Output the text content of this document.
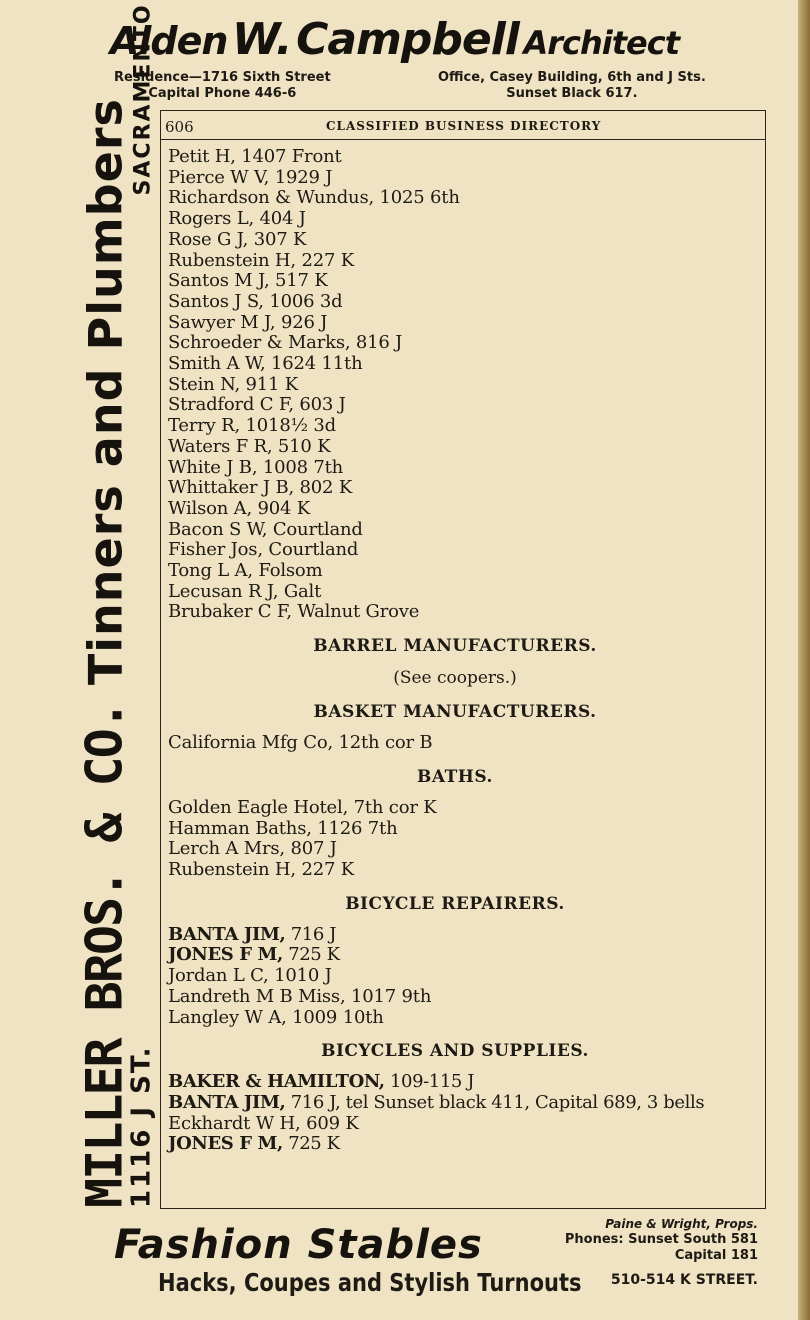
Alden W. Campbell Architect
Residence—1716 Sixth Street
Capital Phone 446-6
Office, Casey Building, 6th and J Sts.
Sunset Black 617.
MILLER BROS. & CO. Tinners and Plumbers
1116 J ST.                                                                                        SACRAMENTO 606	CLASSIFIED BUSINESS DIRECTORY
Petit H, 1407 Front
Pierce W V, 1929 J
Richardson & Wundus, 1025 6th
Rogers L, 404 J
Rose G J, 307 K
Rubenstein H, 227 K
Santos M J, 517 K
Santos J S, 1006 3d
Sawyer M J, 926 J
Schroeder & Marks, 816 J
Smith A W, 1624 11th
Stein N, 911 K
Stradford C F, 603 J
Terry R, 1018½ 3d
Waters F R, 510 K
White J B, 1008 7th
Whittaker J B, 802 K
Wilson A, 904 K
Bacon S W, Courtland
Fisher Jos, Courtland
Tong L A, Folsom
Lecusan R J, Galt
Brubaker C F, Walnut Grove
BARREL MANUFACTURERS.
(See coopers.)
BASKET MANUFACTURERS.
California Mfg Co, 12th cor B
BATHS.
Golden Eagle Hotel, 7th cor K
Hamman Baths, 1126 7th
Lerch A Mrs, 807 J
Rubenstein H, 227 K
BICYCLE REPAIRERS.
BANTA JIM, 716 J
JONES F M, 725 K
Jordan L C, 1010 J
Landreth M B Miss, 1017 9th
Langley W A, 1009 10th
BICYCLES AND SUPPLIES.
BAKER & HAMILTON, 109-115 J
BANTA JIM, 716 J, tel Sunset black 411, Capital 689, 3 bells
Eckhardt W H, 609 K
JONES F M, 725 K
Fashion Stables
Hacks, Coupes and Stylish Turnouts
Paine & Wright, Props.
Phones: Sunset South 581
Capital 181
510-514 K STREET.
